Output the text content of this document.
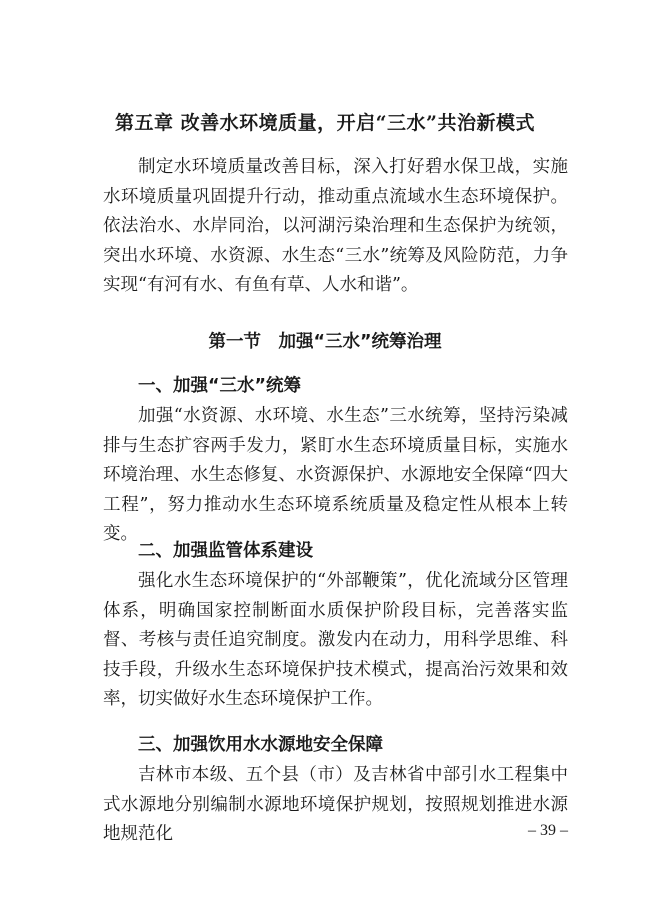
第五章 改善水环境质量，开启“三水”共治新模式

制定水环境质量改善目标，深入打好碧水保卫战，实施水环境质量巩固提升行动，推动重点流域水生态环境保护。依法治水、水岸同治，以河湖污染治理和生态保护为统领，突出水环境、水资源、水生态“三水”统筹及风险防范，力争实现“有河有水、有鱼有草、人水和谐”。

第一节　加强“三水”统筹治理
一、加强“三水”统筹

加强“水资源、水环境、水生态”三水统筹，坚持污染减排与生态扩容两手发力，紧盯水生态环境质量目标，实施水环境治理、水生态修复、水资源保护、水源地安全保障“四大工程”，努力推动水生态环境系统质量及稳定性从根本上转变。

二、加强监管体系建设

强化水生态环境保护的“外部鞭策”，优化流域分区管理体系，明确国家控制断面水质保护阶段目标，完善落实监督、考核与责任追究制度。激发内在动力，用科学思维、科技手段，升级水生态环境保护技术模式，提高治污效果和效率，切实做好水生态环境保护工作。

三、加强饮用水水源地安全保障

吉林市本级、五个县（市）及吉林省中部引水工程集中式水源地分别编制水源地环境保护规划，按照规划推进水源地规范化	– 39 –
